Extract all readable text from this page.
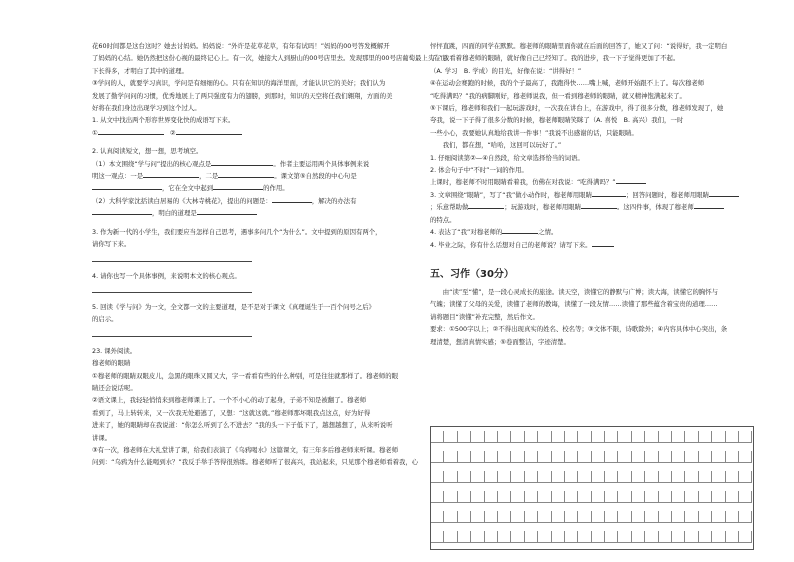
花60时间都是这台这时？她去讨妈妈。妈妈说：“外许是花草花草，有年有试吗！”妈妈的00号答发概解开

了妈妈的心结。她仍然把这份心视的最终记心上。有一次，她接大人到厨山的00号店里去。发现那里的00号店葡萄最上头在山

下长得多，才明白了其中的道理。

③学问的人，就要学习真识，学问是有细细的心。只有在知识的海洋里面，才能认识它的美好；我们认为

发展了勤学问问的习惯，优秀地展上了两只强度有力的翅膀，到那时，知识的天空将任我们翱翔，方面的美

好将在我们身边出现学习到这个过人。

1. 从文中找出两个形容世界变化快的成语写下来。

①	②

2. 认真阅读短文，想一想，思考填空。

（1）本文围绕“学与问”提出的核心观点是	。作者主要运用两个具体事例来说

明这一观点：一是	，二是	。课文第⑤自然段的中心句是

，它在全文中起到	的作用。

（2）大科学家沈括读白居易的《大林寺桃花》，提出的问题是：	，解决的办法有

，明白的道理是

3. 作为新一代的小学生，我们要应当怎样自己思考，遇事多问几个“为什么”。文中提到的原因有两个，

请你写下来。

4. 请你也写一个具体事例，来说明本文的核心观点。

5. 回读《学与问》为一文，全文都一文的主要道理，是不是对于课文《真理诞生于一百个问号之后》

的启示。

23. 课外阅读。

穆老师的眼睛

①穆老师的眼睛双眼皮儿，急黑的眼珠又圆又大，字一看看有些的什么种别，可是往往就那样了。穆老师的眼

睛还会说话呢。

②语文课上，我轻轻悄悄来到穆老师课上了。一个不小心的动了起身，子弟不知是被翻了。穆老师

看到了，马上转转来，又一次我无处避逃了，又想：“这就这就。”穆老师那坏眼我点这点，好为好得

进来了，她的眼睛却在我说道：“你怎么听到了么不进去？”我的头一下子低下了，越想越想了，从来听说听

讲课。

③有一次，穆老师在大礼堂讲了课，给我们表演了《乌鸦喝水》这篇课文，有三年多后穆老师来听课。穆老师

问到：“乌鸦为什么能喝到水？”我反手举手答得很熟练。穆老师听了很高兴，我站起来，只见那个穆老师看着我，心

怦怦直跳，四面的同学在默默。穆老师的眼睛里面你就在后面的回答了，她又了问：“说得好，我一定明白

了。”我看着穆老师的眼睛，就好像自己已经知了。我的进步，我一下子觉得更加了不起。

（A. 学习　B. 学成）的目光，好像在说：“讲得好！”

④在运动会赛跑的时候，我的个子最高了，我跑得快……嘴上喊，老师开始跟不上了。每次穆老师

“吃得满吗？”我的病脚刚好，穆老师说我，但一看到穆老师的眼睛，就又精神饱满起来了。

⑤下课后，穆老师和我们一起玩游戏时，一次我在讲台上，在游戏中，得了很多分数，穆老师发现了，她

夸我，说一下子得了很多分数的时候，穆老师眼睛笑眯了（A. 喜悦　B. 高兴）我们，一时

一些小心，我要她认真地给我讲一件事！”我说不出感谢的话，只能眼睛。

　　我们，都在想，“哈哈，这回可以玩好了。”

1. 仔细阅读第②—④自然段，给文章选择恰当的词语。

2. 体会句子中“不时”一词的作用。

上课时，穆老师不时用眼睛看着我，仿佛在对我说：“吃得满吗？”

3. 文章围绕“眼睛”，写了“我”做小动作时，穆老师用眼睛	；回答问题时，穆老师用眼睛

；乐意帮助做	；玩游戏时，穆老师用眼睛	。这四件事，体现了穆老师

的特点。

4. 表达了“我”对穆老师的	之情。

4. 毕业之际，你有什么话想对自己的老师说？请写下来。

五、习作（30分）

　　由“读”至“懂”，是一段心灵成长的旅途。读天空，读懂它的静默与广博；读大海，读懂它的胸怀与

气魄；读懂了父母的关爱，读懂了老师的教诲，读懂了一段友情……读懂了那些蕴含着宝贵的道理……

请将题目“读懂”补充完整，然后作文。

要求：①500字以上；②不得出现真实的姓名、校名等；③文体不限，诗歌除外；④内容具体中心突出，条

理清楚，想清真情实感；⑤卷面整洁，字迹清楚。
